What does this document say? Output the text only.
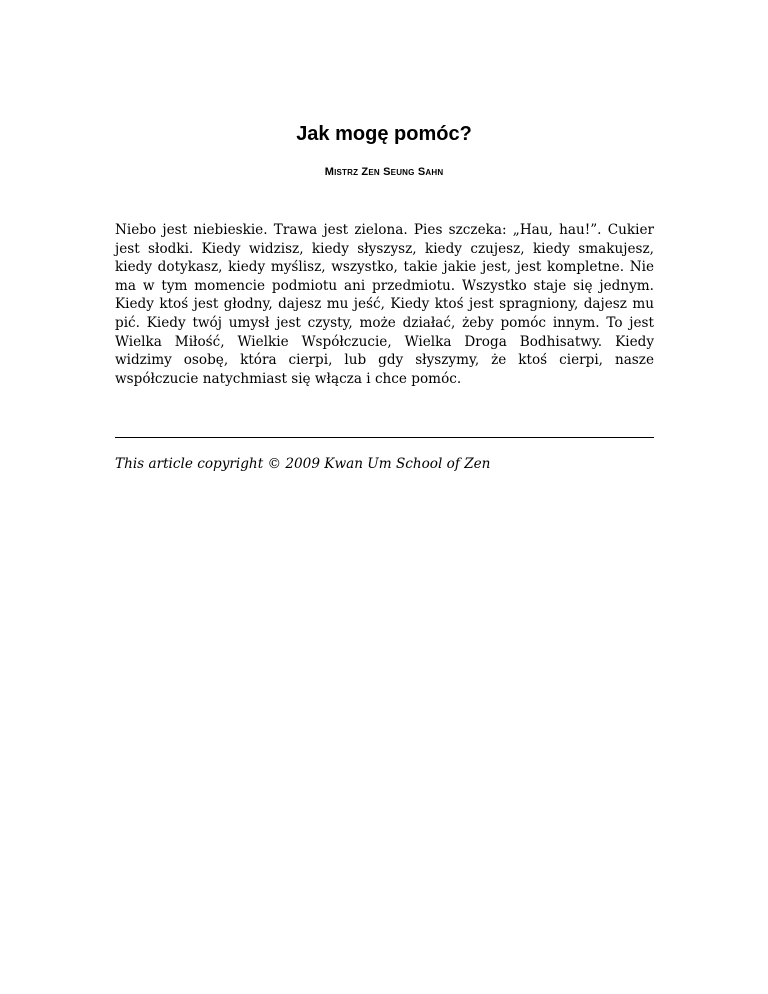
Jak mogę pomóc?
Mistrz Zen Seung Sahn
Niebo jest niebieskie. Trawa jest zielona. Pies szczeka: „Hau, hau!”. Cukier jest słodki. Kiedy widzisz, kiedy słyszysz, kiedy czujesz, kiedy smakujesz, kiedy dotykasz, kiedy myślisz, wszystko, takie jakie jest, jest kompletne. Nie ma w tym momencie podmiotu ani przedmiotu. Wszystko staje się jednym. Kiedy ktoś jest głodny, dajesz mu jeść, Kiedy ktoś jest spragniony, dajesz mu pić. Kiedy twój umysł jest czysty, może działać, żeby pomóc innym. To jest Wielka Miłość, Wielkie Współczucie, Wielka Droga Bodhisatwy. Kiedy widzimy osobę, która cierpi, lub gdy słyszymy, że ktoś cierpi, nasze współczucie natychmiast się włącza i chce pomóc.
This article copyright © 2009 Kwan Um School of Zen
